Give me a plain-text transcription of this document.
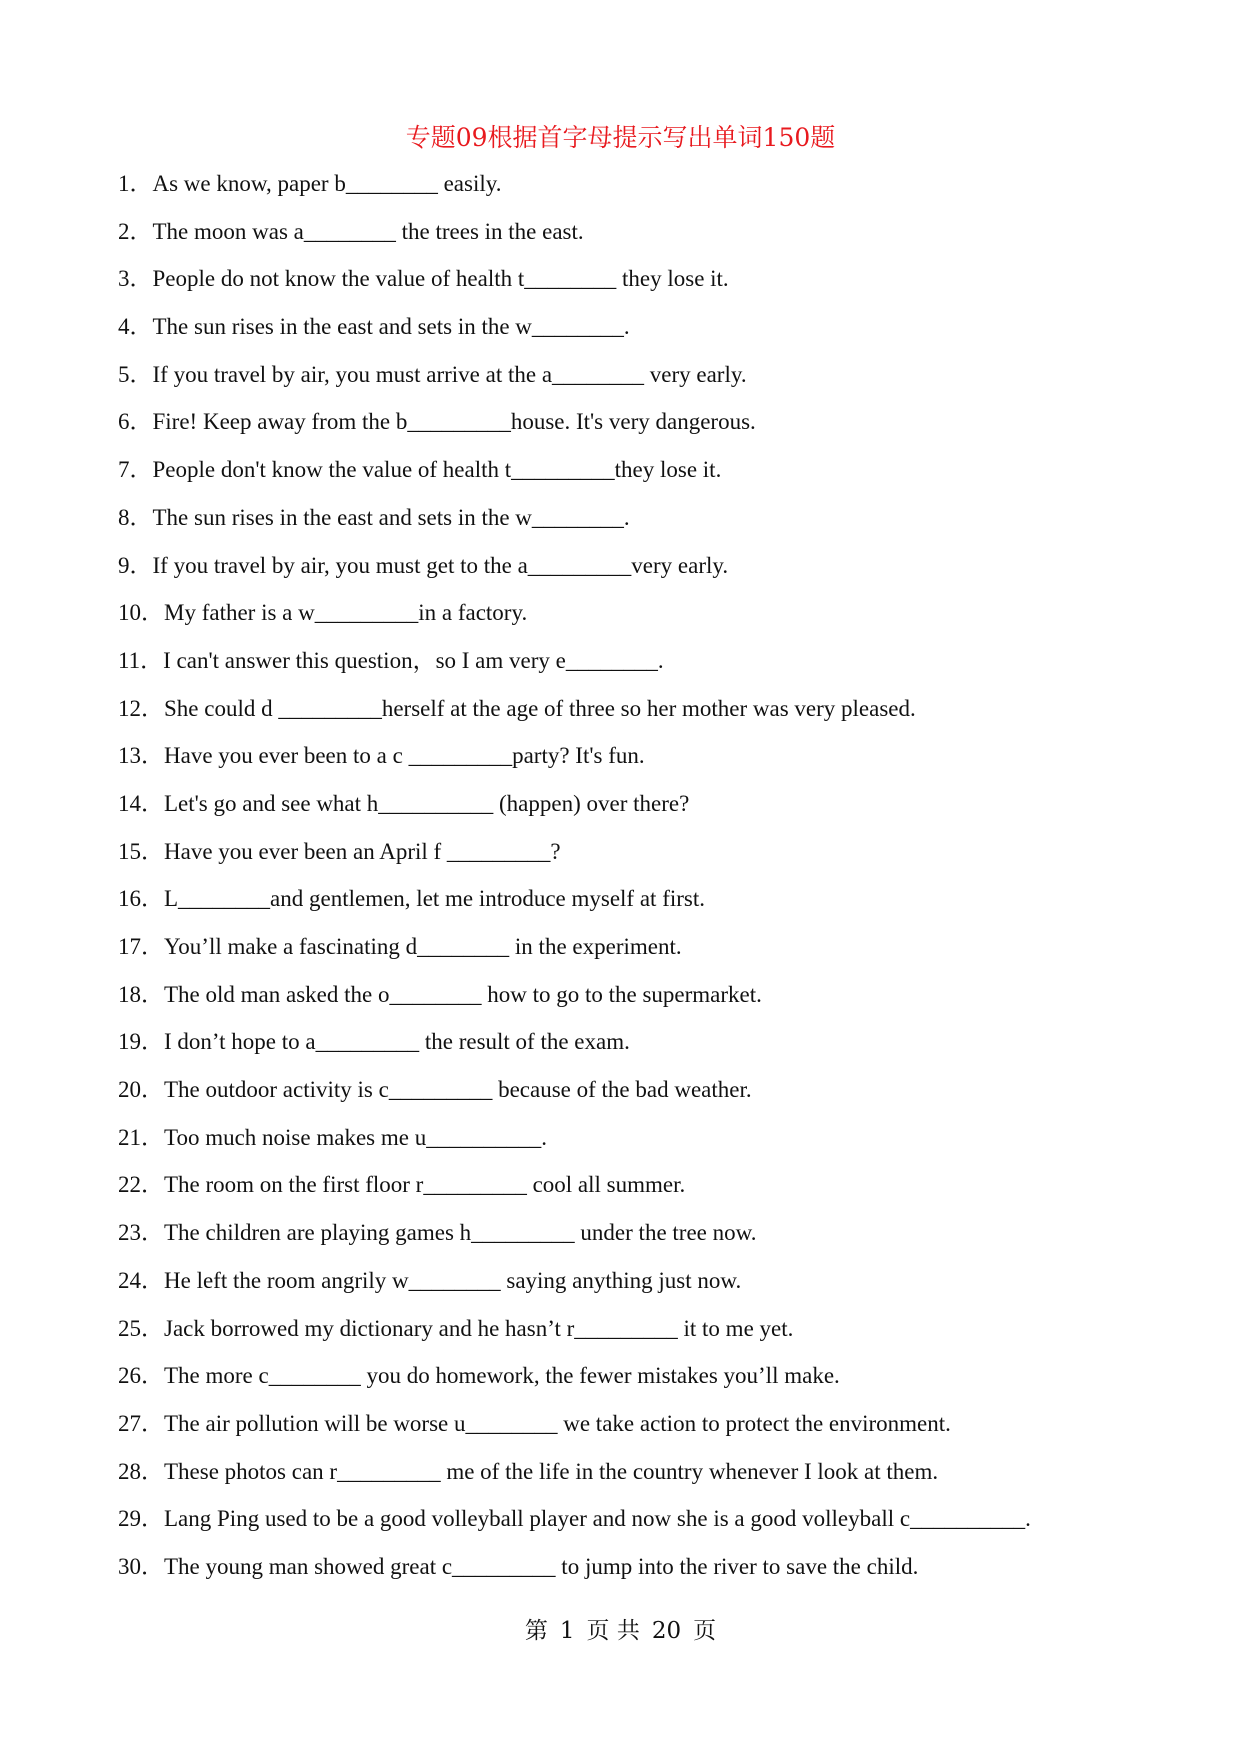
专题09根据首字母提示写出单词150题
1．As we know, paper b________ easily.
2．The moon was a________ the trees in the east.
3．People do not know the value of health t________ they lose it.
4．The sun rises in the east and sets in the w________.
5．If you travel by air, you must arrive at the a________ very early.
6．Fire! Keep away from the b_________house. It's very dangerous.
7．People don't know the value of health t_________they lose it.
8．The sun rises in the east and sets in the w________.
9．If you travel by air, you must get to the a_________very early.
10．My father is a w_________in a factory.
11．I can't answer this question，so I am very e________.
12．She could d _________herself at the age of three so her mother was very pleased.
13．Have you ever been to a c _________party? It's fun.
14．Let's go and see what h__________ (happen) over there?
15．Have you ever been an April f _________?
16．L________and gentlemen, let me introduce myself at first.
17．You’ll make a fascinating d________ in the experiment.
18．The old man asked the o________ how to go to the supermarket.
19．I don’t hope to a_________ the result of the exam.
20．The outdoor activity is c_________ because of the bad weather.
21．Too much noise makes me u__________.
22．The room on the first floor r_________ cool all summer.
23．The children are playing games h_________ under the tree now.
24．He left the room angrily w________ saying anything just now.
25．Jack borrowed my dictionary and he hasn’t r_________ it to me yet.
26．The more c________ you do homework, the fewer mistakes you’ll make.
27．The air pollution will be worse u________ we take action to protect the environment.
28．These photos can r_________ me of the life in the country whenever I look at them.
29．Lang Ping used to be a good volleyball player and now she is a good volleyball c__________.
30．The young man showed great c_________ to jump into the river to save the child.
第 1 页 共 20 页
